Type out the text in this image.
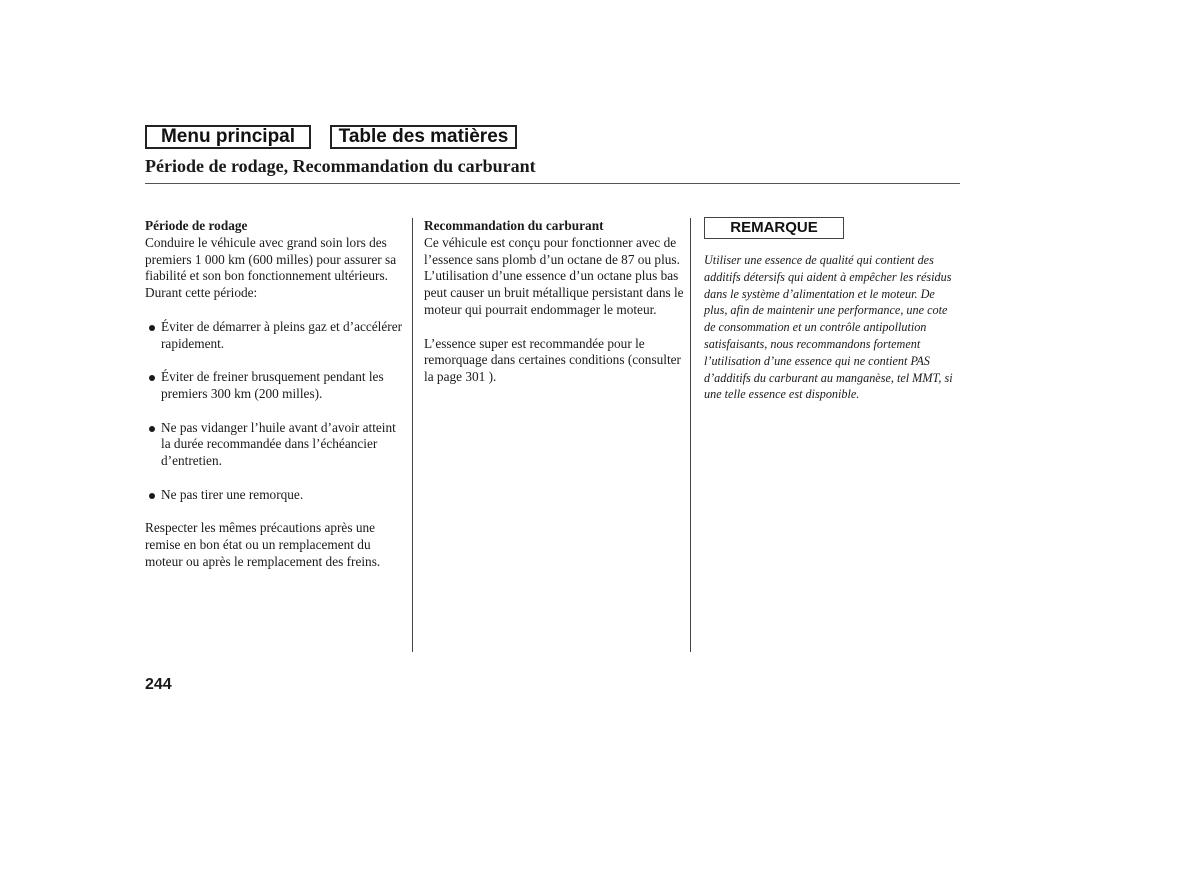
Menu principal	Table des matières
Période de rodage, Recommandation du carburant

Période de rodage

Conduire le véhicule avec grand soin lors des premiers 1 000 km (600 milles) pour assurer sa fiabilité et son bon fonctionnement ultérieurs.

Durant cette période:

Éviter de démarrer à pleins gaz et d’accélérer rapidement.
Éviter de freiner brusquement pendant les premiers 300 km (200 milles).
Ne pas vidanger l’huile avant d’avoir atteint la durée recommandée dans l’échéancier d’entretien.
Ne pas tirer une remorque.

Respecter les mêmes précautions après une remise en bon état ou un remplacement du moteur ou après le remplacement des freins.

Recommandation du carburant

Ce véhicule est conçu pour fonctionner avec de l’essence sans plomb d’un octane de 87 ou plus. L’utilisation d’une essence d’un octane plus bas peut causer un bruit métallique persistant dans le moteur qui pourrait endommager le moteur.

L’essence super est recommandée pour le remorquage dans certaines conditions (consulter la page 301 ).

REMARQUE

Utiliser une essence de qualité qui contient des additifs détersifs qui aident à empêcher les résidus dans le système d’alimentation et le moteur. De plus, afin de maintenir une performance, une cote de consommation et un contrôle antipollution satisfaisants, nous recommandons fortement l’utilisation d’une essence qui ne contient PAS d’additifs du carburant au manganèse, tel MMT, si une telle essence est disponible.

244
